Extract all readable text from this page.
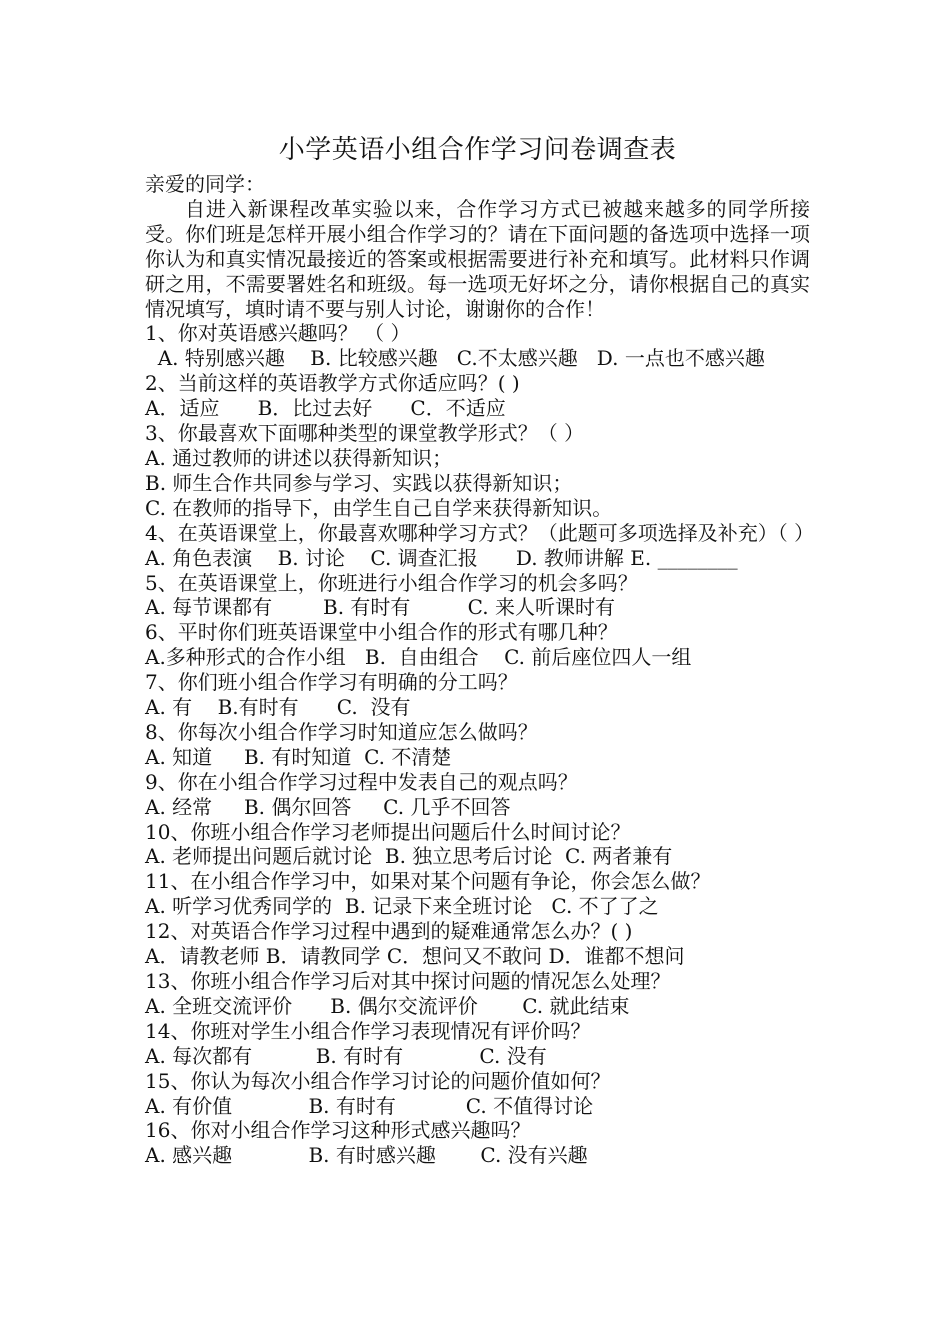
小学英语小组合作学习问卷调查表
亲爱的同学：
自进入新课程改革实验以来，合作学习方式已被越来越多的同学所接受。你们班是怎样开展小组合作学习的？请在下面问题的备选项中选择一项你认为和真实情况最接近的答案或根据需要进行补充和填写。此材料只作调研之用，不需要署姓名和班级。每一选项无好坏之分，请你根据自己的真实情况填写，填时请不要与别人讨论，谢谢你的合作！
1、你对英语感兴趣吗？ （ ）
A. 特别感兴趣    B. 比较感兴趣   C.不太感兴趣   D. 一点也不感兴趣
2、当前这样的英语教学方式你适应吗？( )
A．适应      B．比过去好      C．不适应
3、你最喜欢下面哪种类型的课堂教学形式？（ ）
A. 通过教师的讲述以获得新知识；
B. 师生合作共同参与学习、实践以获得新知识；
C. 在教师的指导下，由学生自己自学来获得新知识。
4、在英语课堂上，你最喜欢哪种学习方式？（此题可多项选择及补充）（ ）
A. 角色表演    B. 讨论    C. 调查汇报      D. 教师讲解 E. ________
5、在英语课堂上，你班进行小组合作学习的机会多吗？
A. 每节课都有        B. 有时有         C. 来人听课时有
6、平时你们班英语课堂中小组合作的形式有哪几种？
A.多种形式的合作小组   B.  自由组合    C. 前后座位四人一组
7、你们班小组合作学习有明确的分工吗？
A. 有    B.有时有      C.  没有
8、你每次小组合作学习时知道应怎么做吗？
A. 知道     B. 有时知道  C. 不清楚
9、你在小组合作学习过程中发表自己的观点吗？
A. 经常     B. 偶尔回答     C. 几乎不回答
10、你班小组合作学习老师提出问题后什么时间讨论？
A. 老师提出问题后就讨论  B. 独立思考后讨论  C. 两者兼有
11、在小组合作学习中，如果对某个问题有争论，你会怎么做？
A. 听学习优秀同学的  B. 记录下来全班讨论   C. 不了了之
12、对英语合作学习过程中遇到的疑难通常怎么办？( )
A．请教老师 B．请教同学 C．想问又不敢问 D．谁都不想问
13、你班小组合作学习后对其中探讨问题的情况怎么处理？
A. 全班交流评价      B. 偶尔交流评价       C. 就此结束
14、你班对学生小组合作学习表现情况有评价吗？
A. 每次都有          B. 有时有            C. 没有
15、你认为每次小组合作学习讨论的问题价值如何？
A. 有价值            B. 有时有           C. 不值得讨论
16、你对小组合作学习这种形式感兴趣吗？
A. 感兴趣            B. 有时感兴趣       C. 没有兴趣
